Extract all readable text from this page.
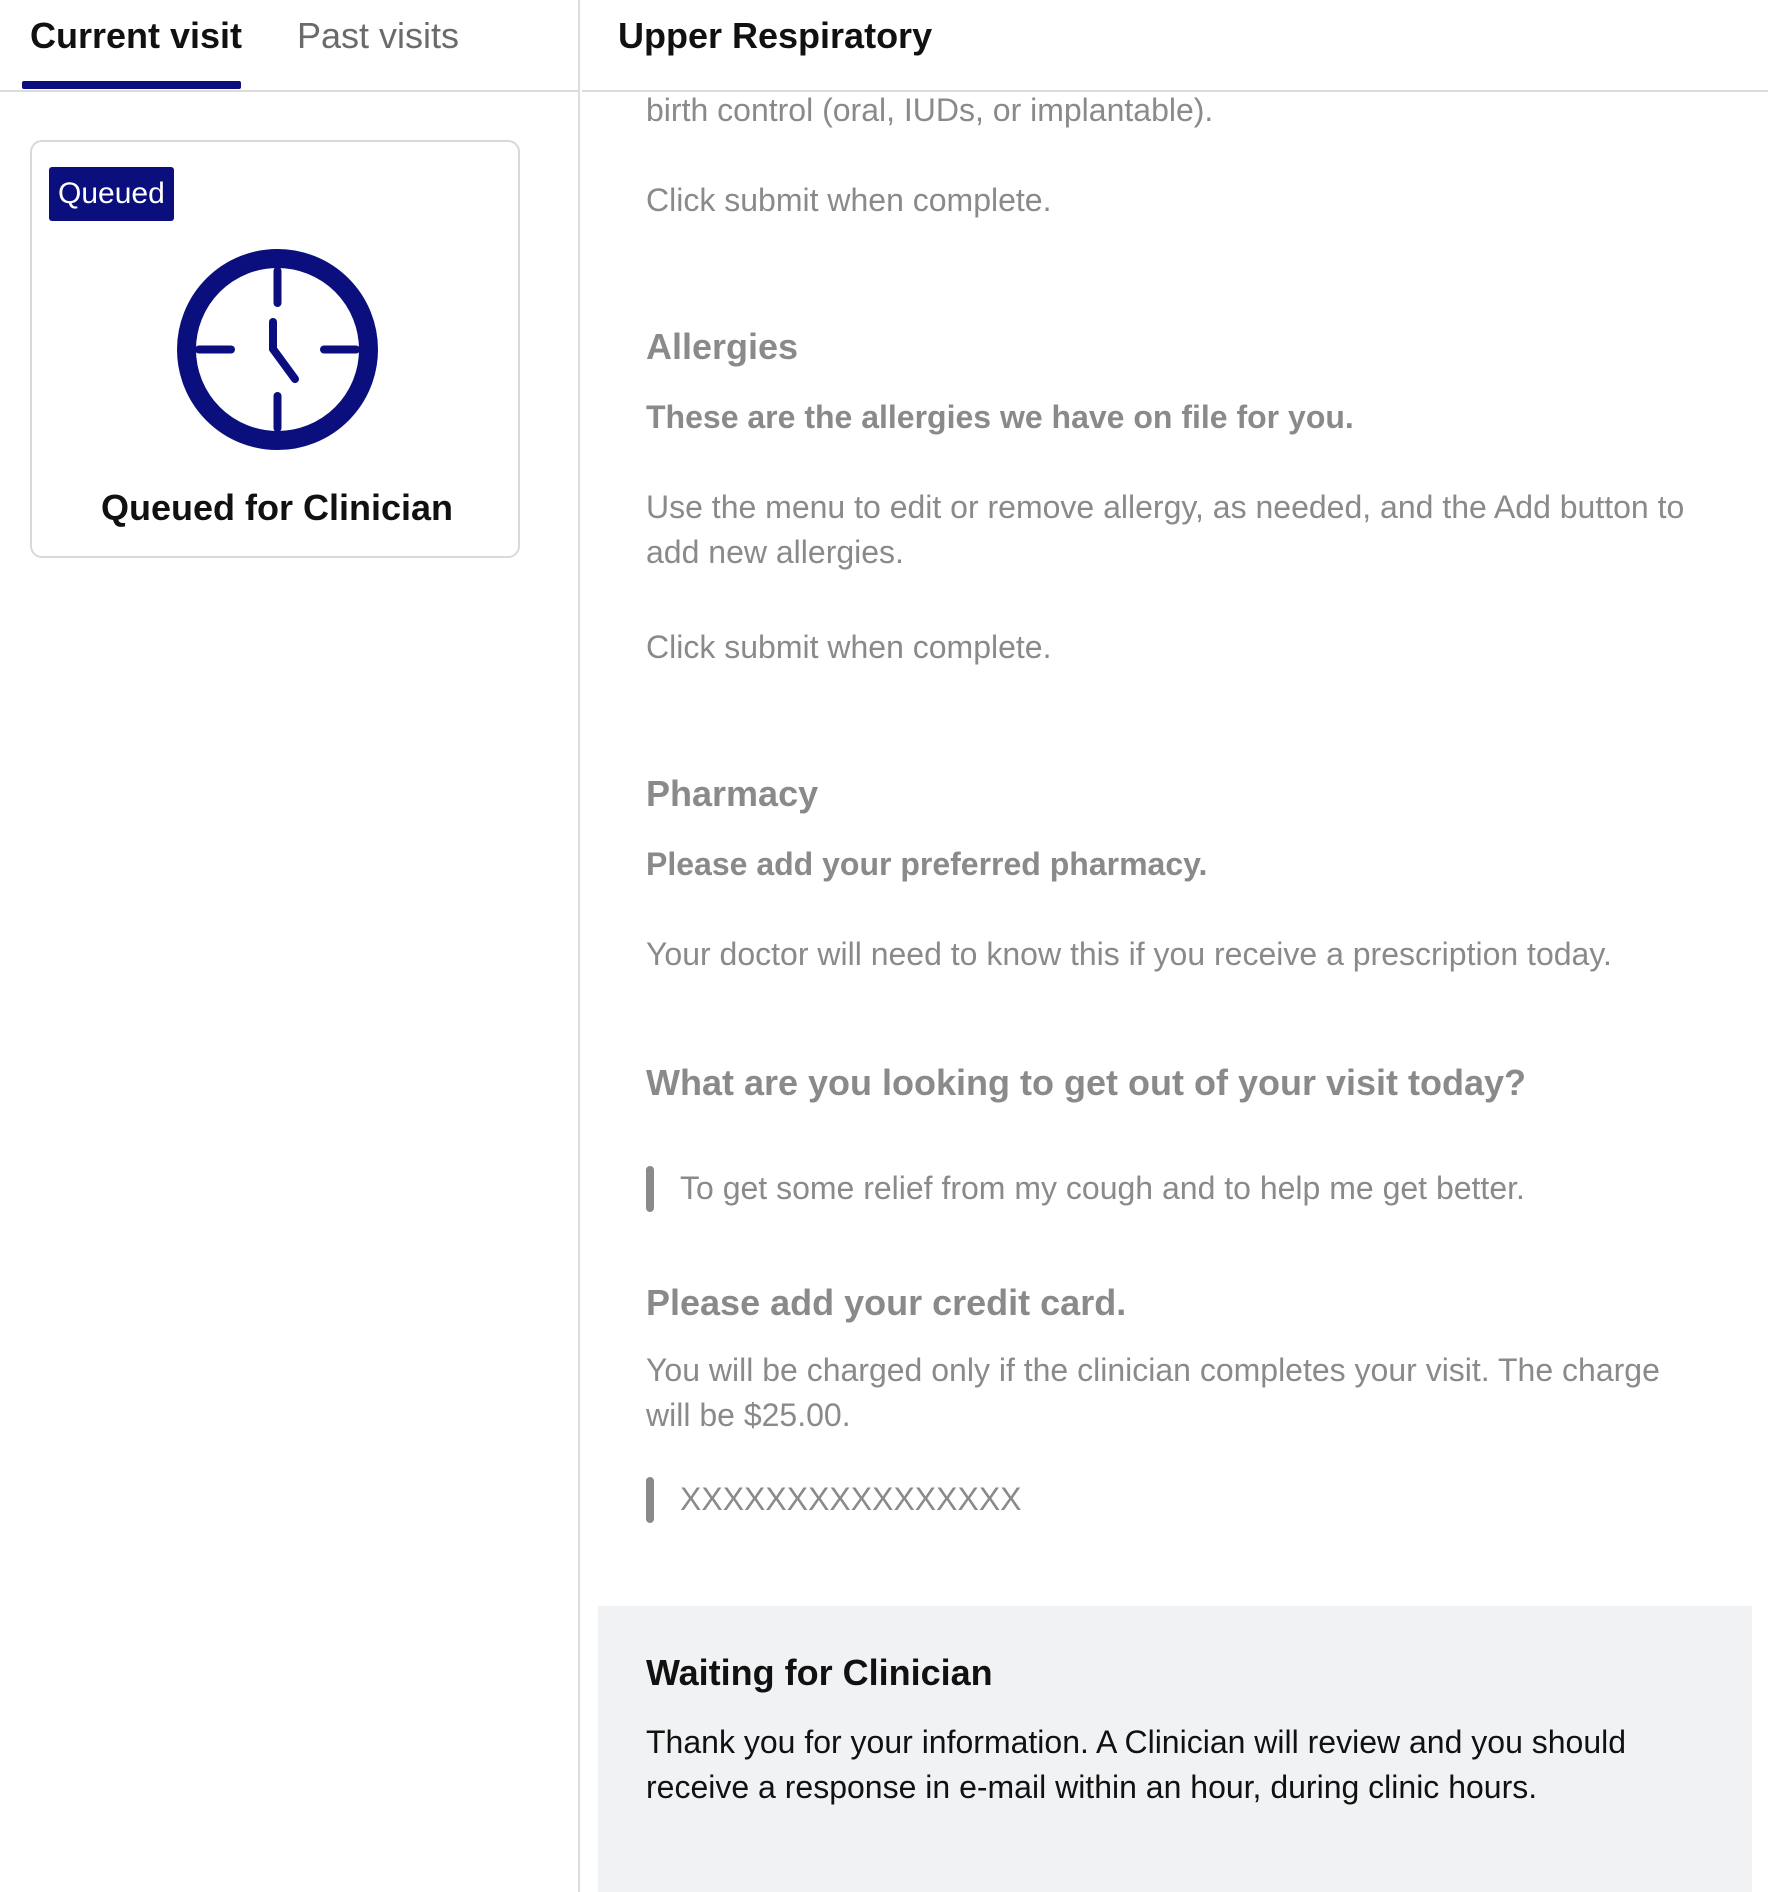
Current visit Past visits
Queued
Queued for Clinician
Upper Respiratory
birth control (oral, IUDs, or implantable).
Click submit when complete.
Allergies
These are the allergies we have on file for you.
Use the menu to edit or remove allergy, as needed, and the Add button to add new allergies.
Click submit when complete.
Pharmacy
Please add your preferred pharmacy.
Your doctor will need to know this if you receive a prescription today.
What are you looking to get out of your visit today?
To get some relief from my cough and to help me get better.
Please add your credit card.
You will be charged only if the clinician completes your visit. The charge will be $25.00.
XXXXXXXXXXXXXXXX
Waiting for Clinician
Thank you for your information. A Clinician will review and you should receive a response in e-mail within an hour, during clinic hours.
